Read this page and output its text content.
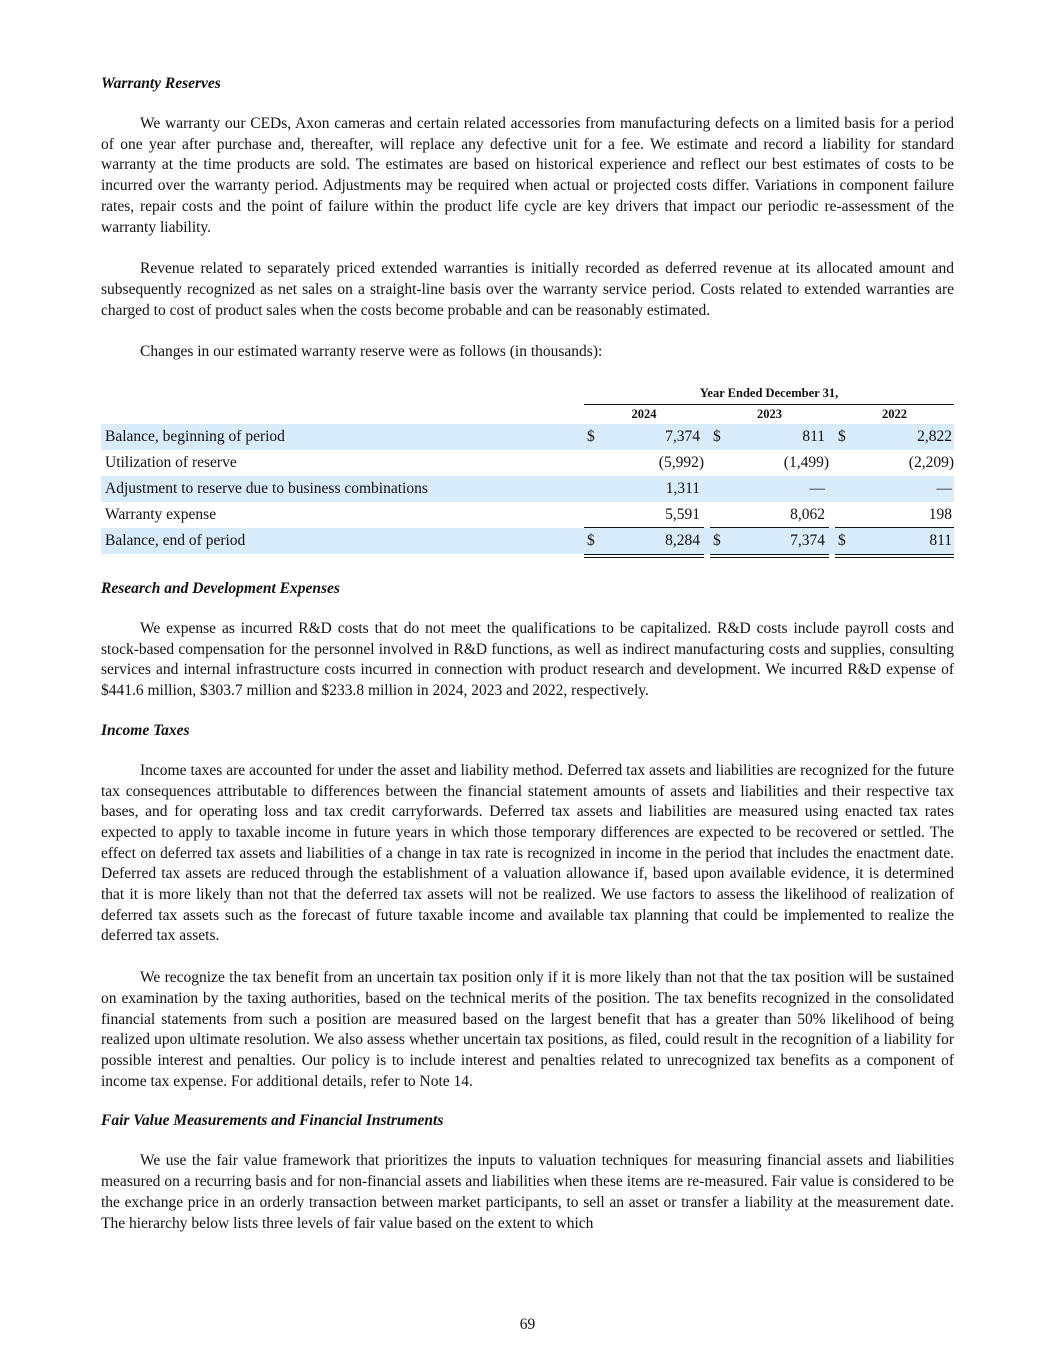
Warranty Reserves

We warranty our CEDs, Axon cameras and certain related accessories from manufacturing defects on a limited basis for a period of one year after purchase and, thereafter, will replace any defective unit for a fee. We estimate and record a liability for standard warranty at the time products are sold. The estimates are based on historical experience and reflect our best estimates of costs to be incurred over the warranty period. Adjustments may be required when actual or projected costs differ. Variations in component failure rates, repair costs and the point of failure within the product life cycle are key drivers that impact our periodic re-assessment of the warranty liability.

Revenue related to separately priced extended warranties is initially recorded as deferred revenue at its allocated amount and subsequently recognized as net sales on a straight-line basis over the warranty service period. Costs related to extended warranties are charged to cost of product sales when the costs become probable and can be reasonably estimated.

Changes in our estimated warranty reserve were as follows (in thousands):

Year Ended December 31,
2024	2023	2022
Balance, beginning of period	$	7,374 $	811 $	2,822
Utilization of reserve	(5,992)	(1,499)	(2,209)
Adjustment to reserve due to business combinations	1,311	—	—
Warranty expense	5,591	8,062	198
Balance, end of period	$	8,284 $	7,374 $	811

Research and Development Expenses

We expense as incurred R&D costs that do not meet the qualifications to be capitalized. R&D costs include payroll costs and stock-based compensation for the personnel involved in R&D functions, as well as indirect manufacturing costs and supplies, consulting services and internal infrastructure costs incurred in connection with product research and development. We incurred R&D expense of $441.6 million, $303.7 million and $233.8 million in 2024, 2023 and 2022, respectively.

Income Taxes

Income taxes are accounted for under the asset and liability method. Deferred tax assets and liabilities are recognized for the future tax consequences attributable to differences between the financial statement amounts of assets and liabilities and their respective tax bases, and for operating loss and tax credit carryforwards. Deferred tax assets and liabilities are measured using enacted tax rates expected to apply to taxable income in future years in which those temporary differences are expected to be recovered or settled. The effect on deferred tax assets and liabilities of a change in tax rate is recognized in income in the period that includes the enactment date. Deferred tax assets are reduced through the establishment of a valuation allowance if, based upon available evidence, it is determined that it is more likely than not that the deferred tax assets will not be realized. We use factors to assess the likelihood of realization of deferred tax assets such as the forecast of future taxable income and available tax planning that could be implemented to realize the deferred tax assets.

We recognize the tax benefit from an uncertain tax position only if it is more likely than not that the tax position will be sustained on examination by the taxing authorities, based on the technical merits of the position. The tax benefits recognized in the consolidated financial statements from such a position are measured based on the largest benefit that has a greater than 50% likelihood of being realized upon ultimate resolution. We also assess whether uncertain tax positions, as filed, could result in the recognition of a liability for possible interest and penalties. Our policy is to include interest and penalties related to unrecognized tax benefits as a component of income tax expense. For additional details, refer to Note 14.

Fair Value Measurements and Financial Instruments

We use the fair value framework that prioritizes the inputs to valuation techniques for measuring financial assets and liabilities measured on a recurring basis and for non-financial assets and liabilities when these items are re-measured. Fair value is considered to be the exchange price in an orderly transaction between market participants, to sell an asset or transfer a liability at the measurement date. The hierarchy below lists three levels of fair value based on the extent to which

69
